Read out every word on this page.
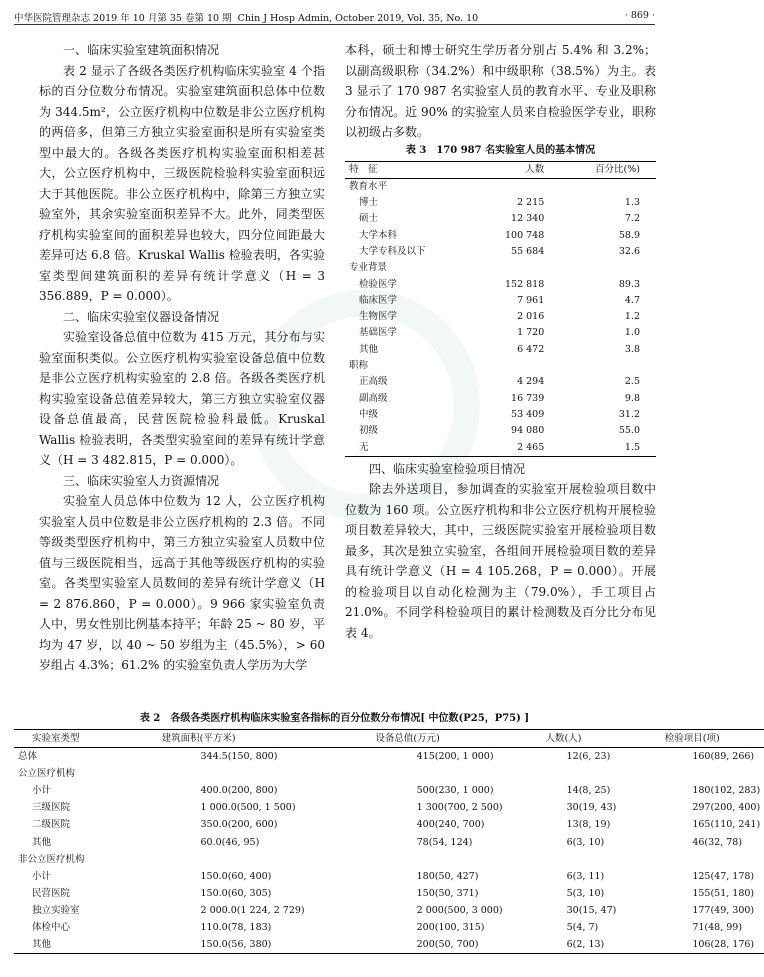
中华医院管理杂志 2019 年 10 月第 35 卷第 10 期 Chin J Hosp Admin, October 2019, Vol. 35, No. 10	· 869 ·

一、临床实验室建筑面积情况

表 2 显示了各级各类医疗机构临床实验室 4 个指标的百分位数分布情况。实验室建筑面积总体中位数为 344.5m²，公立医疗机构中位数是非公立医疗机构的两倍多，但第三方独立实验室面积是所有实验室类型中最大的。各级各类医疗机构实验室面积相差甚大，公立医疗机构中，三级医院检验科实验室面积远大于其他医院。非公立医疗机构中，除第三方独立实验室外，其余实验室面积差异不大。此外，同类型医疗机构实验室间的面积差异也较大，四分位间距最大差异可达 6.8 倍。Kruskal Wallis 检验表明，各实验室类型间建筑面积的差异有统计学意义（H = 3 356.889，P = 0.000）。

二、临床实验室仪器设备情况

实验室设备总值中位数为 415 万元，其分布与实验室面积类似。公立医疗机构实验室设备总值中位数是非公立医疗机构实验室的 2.8 倍。各级各类医疗机构实验室设备总值差异较大，第三方独立实验室仪器设备总值最高，民营医院检验科最低。Kruskal Wallis 检验表明，各类型实验室间的差异有统计学意义（H = 3 482.815，P = 0.000）。

三、临床实验室人力资源情况

实验室人员总体中位数为 12 人，公立医疗机构实验室人员中位数是非公立医疗机构的 2.3 倍。不同等级类型医疗机构中，第三方独立实验室人员数中位值与三级医院相当，远高于其他等级医疗机构的实验室。各类型实验室人员数间的差异有统计学意义（H = 2 876.860，P = 0.000）。9 966 家实验室负责人中，男女性别比例基本持平；年龄 25 ~ 80 岁，平均为 47 岁，以 40 ~ 50 岁组为主（45.5%），> 60 岁组占 4.3%；61.2% 的实验室负责人学历为大学

本科，硕士和博士研究生学历者分别占 5.4% 和 3.2%；以副高级职称（34.2%）和中级职称（38.5%）为主。表 3 显示了 170 987 名实验室人员的教育水平、专业及职称分布情况。近 90% 的实验室人员来自检验医学专业，职称以初级占多数。

表 3　170 987 名实验室人员的基本情况
特　征	人数	百分比(%)
教育水平		
博士	2 215	1.3
硕士	12 340	7.2
大学本科	100 748	58.9
大学专科及以下	55 684	32.6
专业背景		
检验医学	152 818	89.3
临床医学	7 961	4.7
生物医学	2 016	1.2
基础医学	1 720	1.0
其他	6 472	3.8
职称		
正高级	4 294	2.5
副高级	16 739	9.8
中级	53 409	31.2
初级	94 080	55.0
无	2 465	1.5

四、临床实验室检验项目情况

除去外送项目，参加调查的实验室开展检验项目数中位数为 160 项。公立医疗机构和非公立医疗机构开展检验项目数差异较大，其中，三级医院实验室开展检验项目数最多，其次是独立实验室，各组间开展检验项目数的差异具有统计学意义（H = 4 105.268，P = 0.000）。开展的检验项目以自动化检测为主（79.0%），手工项目占 21.0%。不同学科检验项目的累计检测数及百分比分布见表 4。

表 2　各级各类医疗机构临床实验室各指标的百分位数分布情况[ 中位数(P25，P75) ]
实验室类型	建筑面积(平方米)	设备总值(万元)	人数(人)	检验项目(项)
总体	344.5(150, 800)	415(200, 1 000)	12(6, 23)	160(89, 266)
公立医疗机构				
小计	400.0(200, 800)	500(230, 1 000)	14(8, 25)	180(102, 283)
三级医院	1 000.0(500, 1 500)	1 300(700, 2 500)	30(19, 43)	297(200, 400)
二级医院	350.0(200, 600)	400(240, 700)	13(8, 19)	165(110, 241)
其他	60.0(46, 95)	78(54, 124)	6(3, 10)	46(32, 78)
非公立医疗机构				
小计	150.0(60, 400)	180(50, 427)	6(3, 11)	125(47, 178)
民营医院	150.0(60, 305)	150(50, 371)	5(3, 10)	155(51, 180)
独立实验室	2 000.0(1 224, 2 729)	2 000(500, 3 000)	30(15, 47)	177(49, 300)
体检中心	110.0(78, 183)	200(100, 315)	5(4, 7)	71(48, 99)
其他	150.0(56, 380)	200(50, 700)	6(2, 13)	106(28, 176)
